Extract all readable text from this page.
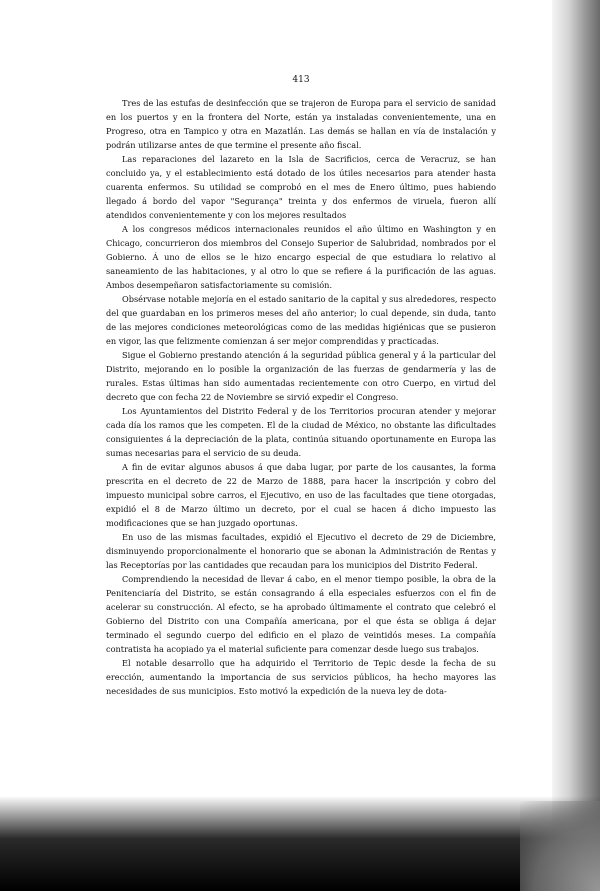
413

Tres de las estufas de desinfección que se trajeron de Europa para el servicio de sanidad en los puertos y en la frontera del Norte, están ya instaladas convenientemente, una en Progreso, otra en Tampico y otra en Mazatlán. Las demás se hallan en vía de instalación y podrán utilizarse antes de que termine el presente año fiscal.

Las reparaciones del lazareto en la Isla de Sacrificios, cerca de Veracruz, se han concluido ya, y el establecimiento está dotado de los útiles necesarios para atender hasta cuarenta enfermos. Su utilidad se comprobó en el mes de Enero último, pues habiendo llegado á bordo del vapor "Segurança" treinta y dos enfermos de viruela, fueron allí atendidos convenientemente y con los mejores resultados

A los congresos médicos internacionales reunidos el año último en Washington y en Chicago, concurrieron dos miembros del Consejo Superior de Salubridad, nombrados por el Gobierno. Á uno de ellos se le hizo encargo especial de que estudiara lo relativo al saneamiento de las habitaciones, y al otro lo que se refiere á la purificación de las aguas. Ambos desempeñaron satisfactoriamente su comisión.

Obsérvase notable mejoría en el estado sanitario de la capital y sus alrededores, respecto del que guardaban en los primeros meses del año anterior; lo cual depende, sin duda, tanto de las mejores condiciones meteorológicas como de las medidas higiénicas que se pusieron en vigor, las que felizmente comienzan á ser mejor comprendidas y practicadas.

Sigue el Gobierno prestando atención á la seguridad pública general y á la particular del Distrito, mejorando en lo posible la organización de las fuerzas de gendarmería y las de rurales. Estas últimas han sido aumentadas recientemente con otro Cuerpo, en virtud del decreto que con fecha 22 de Noviembre se sirvió expedir el Congreso.

Los Ayuntamientos del Distrito Federal y de los Territorios procuran atender y mejorar cada día los ramos que les competen. El de la ciudad de México, no obstante las dificultades consiguientes á la depreciación de la plata, continúa situando oportunamente en Europa las sumas necesarias para el servicio de su deuda.

A fin de evitar algunos abusos á que daba lugar, por parte de los causantes, la forma prescrita en el decreto de 22 de Marzo de 1888, para hacer la inscripción y cobro del impuesto municipal sobre carros, el Ejecutivo, en uso de las facultades que tiene otorgadas, expidió el 8 de Marzo último un decreto, por el cual se hacen á dicho impuesto las modificaciones que se han juzgado oportunas.

En uso de las mismas facultades, expidió el Ejecutivo el decreto de 29 de Diciembre, disminuyendo proporcionalmente el honorario que se abonan la Administración de Rentas y las Receptorías por las cantidades que recaudan para los municipios del Distrito Federal.

Comprendiendo la necesidad de llevar á cabo, en el menor tiempo posible, la obra de la Penitenciaría del Distrito, se están consagrando á ella especiales esfuerzos con el fin de acelerar su construcción. Al efecto, se ha aprobado últimamente el contrato que celebró el Gobierno del Distrito con una Compañía americana, por el que ésta se obliga á dejar terminado el segundo cuerpo del edificio en el plazo de veintidós meses. La compañía contratista ha acopiado ya el material suficiente para comenzar desde luego sus trabajos.

El notable desarrollo que ha adquirido el Territorio de Tepic desde la fecha de su erección, aumentando la importancia de sus servicios públicos, ha hecho mayores las necesidades de sus municipios. Esto motivó la expedición de la nueva ley de dota-
